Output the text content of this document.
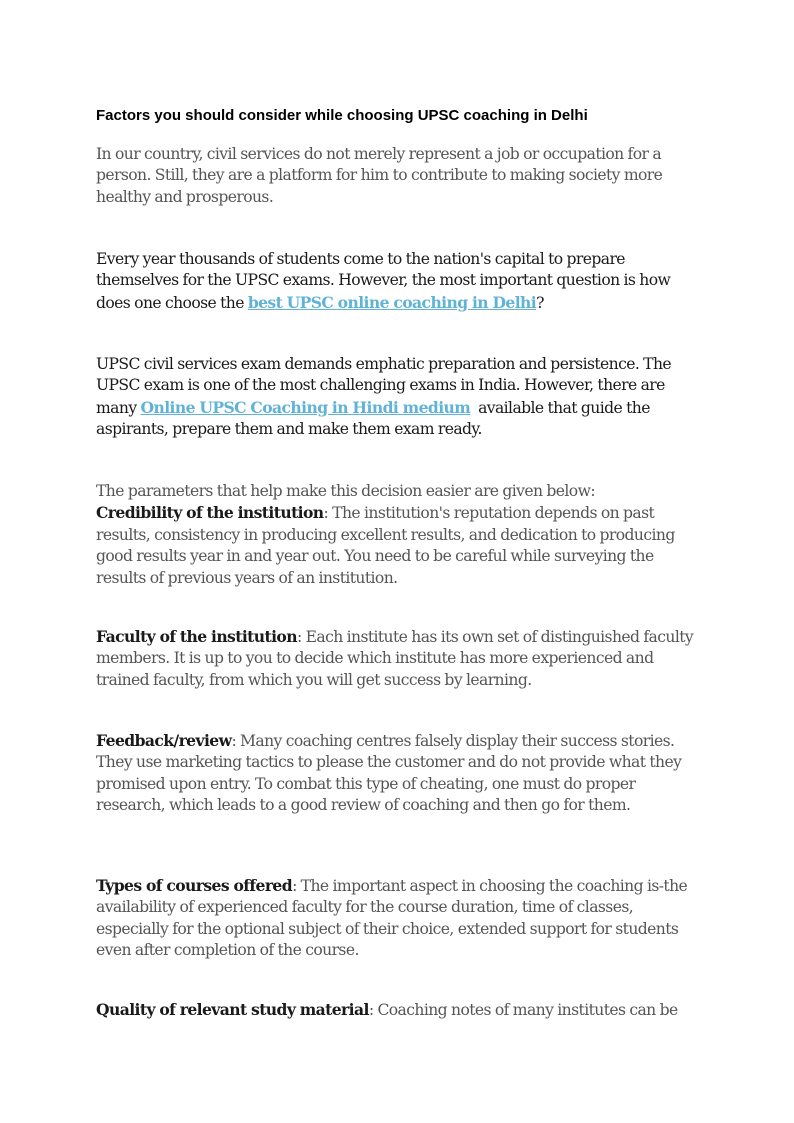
Factors you should consider while choosing UPSC coaching in Delhi

In our country, civil services do not merely represent a job or occupation for a person. Still, they are a platform for him to contribute to making society more healthy and prosperous.

Every year thousands of students come to the nation's capital to prepare themselves for the UPSC exams. However, the most important question is how does one choose the best UPSC online coaching in Delhi?

UPSC civil services exam demands emphatic preparation and persistence. The UPSC exam is one of the most challenging exams in India. However, there are many Online UPSC Coaching in Hindi medium  available that guide the aspirants, prepare them and make them exam ready.

The parameters that help make this decision easier are given below:
Credibility of the institution: The institution's reputation depends on past results, consistency in producing excellent results, and dedication to producing good results year in and year out. You need to be careful while surveying the results of previous years of an institution.

Faculty of the institution: Each institute has its own set of distinguished faculty members. It is up to you to decide which institute has more experienced and trained faculty, from which you will get success by learning.

Feedback/review: Many coaching centres falsely display their success stories. They use marketing tactics to please the customer and do not provide what they promised upon entry. To combat this type of cheating, one must do proper research, which leads to a good review of coaching and then go for them.

Types of courses offered: The important aspect in choosing the coaching is-the availability of experienced faculty for the course duration, time of classes, especially for the optional subject of their choice, extended support for students even after completion of the course.

Quality of relevant study material: Coaching notes of many institutes can be
